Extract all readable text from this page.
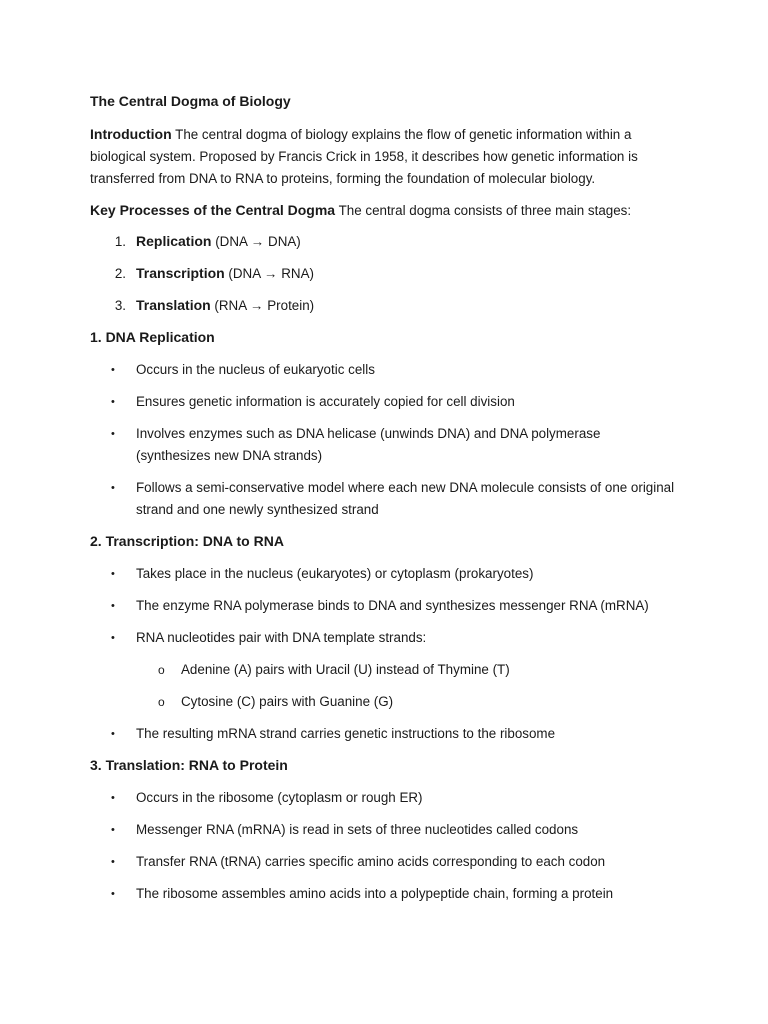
The Central Dogma of Biology
Introduction The central dogma of biology explains the flow of genetic information within a biological system. Proposed by Francis Crick in 1958, it describes how genetic information is transferred from DNA to RNA to proteins, forming the foundation of molecular biology.
Key Processes of the Central Dogma The central dogma consists of three main stages:
1. Replication (DNA → DNA)
2. Transcription (DNA → RNA)
3. Translation (RNA → Protein)
1. DNA Replication
• Occurs in the nucleus of eukaryotic cells
• Ensures genetic information is accurately copied for cell division
• Involves enzymes such as DNA helicase (unwinds DNA) and DNA polymerase (synthesizes new DNA strands)
• Follows a semi-conservative model where each new DNA molecule consists of one original strand and one newly synthesized strand
2. Transcription: DNA to RNA
• Takes place in the nucleus (eukaryotes) or cytoplasm (prokaryotes)
• The enzyme RNA polymerase binds to DNA and synthesizes messenger RNA (mRNA)
• RNA nucleotides pair with DNA template strands:
o Adenine (A) pairs with Uracil (U) instead of Thymine (T)
o Cytosine (C) pairs with Guanine (G)
• The resulting mRNA strand carries genetic instructions to the ribosome
3. Translation: RNA to Protein
• Occurs in the ribosome (cytoplasm or rough ER)
• Messenger RNA (mRNA) is read in sets of three nucleotides called codons
• Transfer RNA (tRNA) carries specific amino acids corresponding to each codon
• The ribosome assembles amino acids into a polypeptide chain, forming a protein
